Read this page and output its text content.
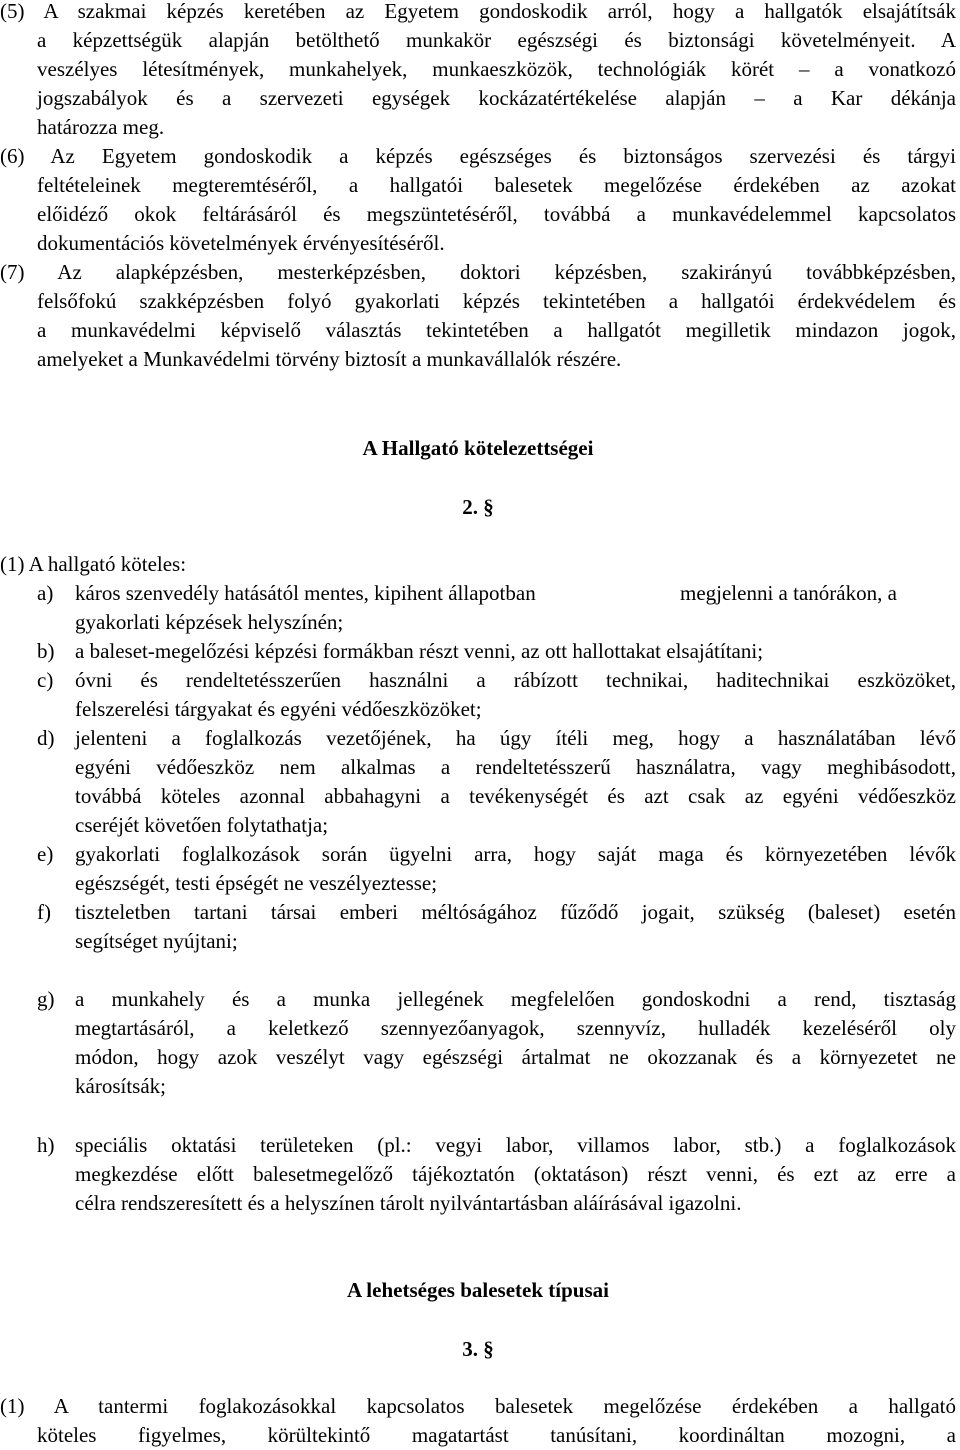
(5) A szakmai képzés keretében az Egyetem gondoskodik arról, hogy a hallgatók elsajátítsák
a képzettségük alapján betölthető munkakör egészségi és biztonsági követelményeit. A
veszélyes létesítmények, munkahelyek, munkaeszközök, technológiák körét – a vonatkozó
jogszabályok és a szervezeti egységek kockázatértékelése alapján – a Kar dékánja
határozza meg.
(6) Az Egyetem gondoskodik a képzés egészséges és biztonságos szervezési és tárgyi
feltételeinek megteremtéséről, a hallgatói balesetek megelőzése érdekében az azokat
előidéző okok feltárásáról és megszüntetéséről, továbbá a munkavédelemmel kapcsolatos
dokumentációs követelmények érvényesítéséről.
(7) Az alapképzésben, mesterképzésben, doktori képzésben, szakirányú továbbképzésben,
felsőfokú szakképzésben folyó gyakorlati képzés tekintetében a hallgatói érdekvédelem és
a munkavédelmi képviselő választás tekintetében a hallgatót megilletik mindazon jogok,
amelyeket a Munkavédelmi törvény biztosít a munkavállalók részére.
A Hallgató kötelezettségei
2. §
(1) A hallgató köteles:
a) káros szenvedély hatásától mentes, kipihent állapotban	megjelenni a tanórákon, a
gyakorlati képzések helyszínén;
b) a baleset-megelőzési képzési formákban részt venni, az ott hallottakat elsajátítani;
c) óvni és rendeltetésszerűen használni a rábízott technikai, haditechnikai eszközöket,
felszerelési tárgyakat és egyéni védőeszközöket;
d) jelenteni a foglalkozás vezetőjének, ha úgy ítéli meg, hogy a használatában lévő
egyéni védőeszköz nem alkalmas a rendeltetésszerű használatra, vagy meghibásodott,
továbbá köteles azonnal abbahagyni a tevékenységét és azt csak az egyéni védőeszköz
cseréjét követően folytathatja;
e) gyakorlati foglalkozások során ügyelni arra, hogy saját maga és környezetében lévők
egészségét, testi épségét ne veszélyeztesse;
f) tiszteletben tartani társai emberi méltóságához fűződő jogait, szükség (baleset) esetén
segítséget nyújtani;
g) a munkahely és a munka jellegének megfelelően gondoskodni a rend, tisztaság
megtartásáról, a keletkező szennyezőanyagok, szennyvíz, hulladék kezeléséről oly
módon, hogy azok veszélyt vagy egészségi ártalmat ne okozzanak és a környezetet ne
károsítsák;
h) speciális oktatási területeken (pl.: vegyi labor, villamos labor, stb.) a foglalkozások
megkezdése előtt balesetmegelőző tájékoztatón (oktatáson) részt venni, és ezt az erre a
célra rendszeresített és a helyszínen tárolt nyilvántartásban aláírásával igazolni.
A lehetséges balesetek típusai
3. §
(1) A tantermi foglakozásokkal kapcsolatos balesetek megelőzése érdekében a hallgató
köteles figyelmes, körültekintő magatartást tanúsítani, koordináltan mozogni, a
